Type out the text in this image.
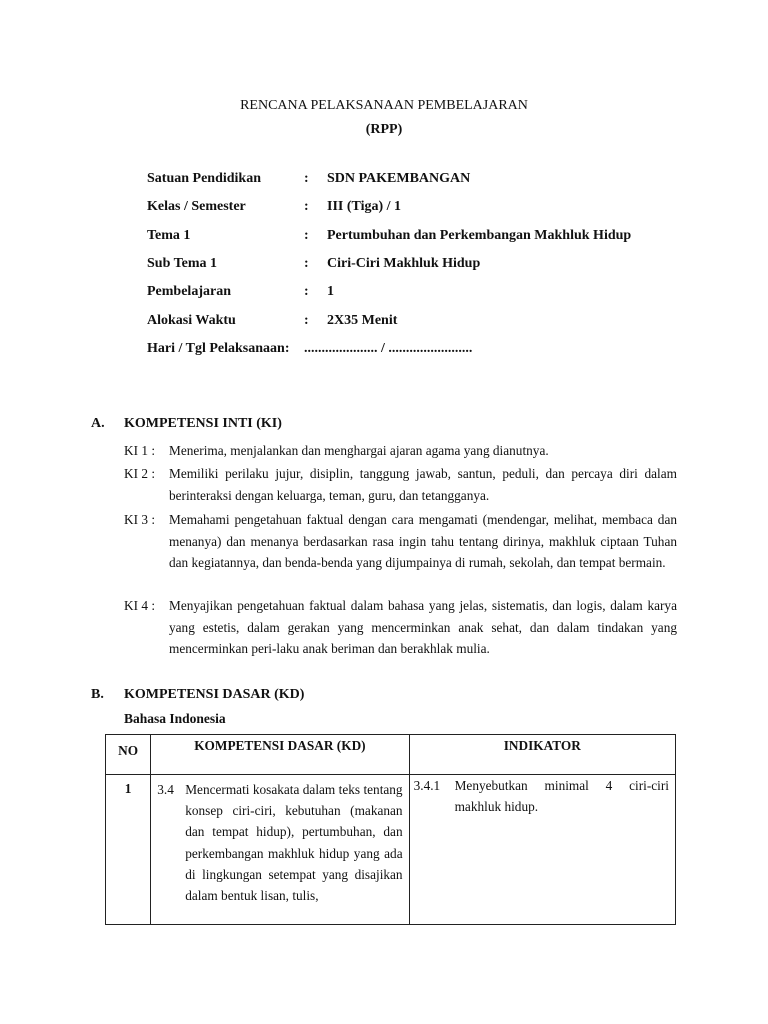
RENCANA PELAKSANAAN PEMBELAJARAN
(RPP)
Satuan Pendidikan	: SDN PAKEMBANGAN
Kelas / Semester	: III (Tiga) / 1
Tema 1	: Pertumbuhan dan Perkembangan Makhluk Hidup
Sub Tema 1	: Ciri-Ciri Makhluk Hidup
Pembelajaran	: 1
Alokasi Waktu	: 2X35 Menit
Hari / Tgl Pelaksanaan: ..................... / ........................
A. KOMPETENSI INTI (KI)
KI 1 : Menerima, menjalankan dan menghargai ajaran agama yang dianutnya.
KI 2 : Memiliki perilaku jujur, disiplin, tanggung jawab, santun, peduli, dan percaya diri dalam berinteraksi dengan keluarga, teman, guru, dan tetangganya.
KI 3 : Memahami pengetahuan faktual dengan cara mengamati (mendengar, melihat, membaca dan menanya) dan menanya berdasarkan rasa ingin tahu tentang dirinya, makhluk ciptaan Tuhan dan kegiatannya, dan benda-benda yang dijumpainya di rumah, sekolah, dan tempat bermain.
KI 4 : Menyajikan pengetahuan faktual dalam bahasa yang jelas, sistematis, dan logis, dalam karya yang estetis, dalam gerakan yang mencerminkan anak sehat, dan dalam tindakan yang mencerminkan peri-laku anak beriman dan berakhlak mulia.
B. KOMPETENSI DASAR (KD)
Bahasa Indonesia
NO	KOMPETENSI DASAR (KD)	INDIKATOR
1	3.4 Mencermati kosakata dalam teks tentang konsep ciri-ciri, kebutuhan (makanan dan tempat hidup), pertumbuhan, dan perkembangan makhluk hidup yang ada di lingkungan setempat yang disajikan dalam bentuk lisan, tulis,	3.4.1 Menyebutkan minimal 4 ciri-ciri makhluk hidup.
